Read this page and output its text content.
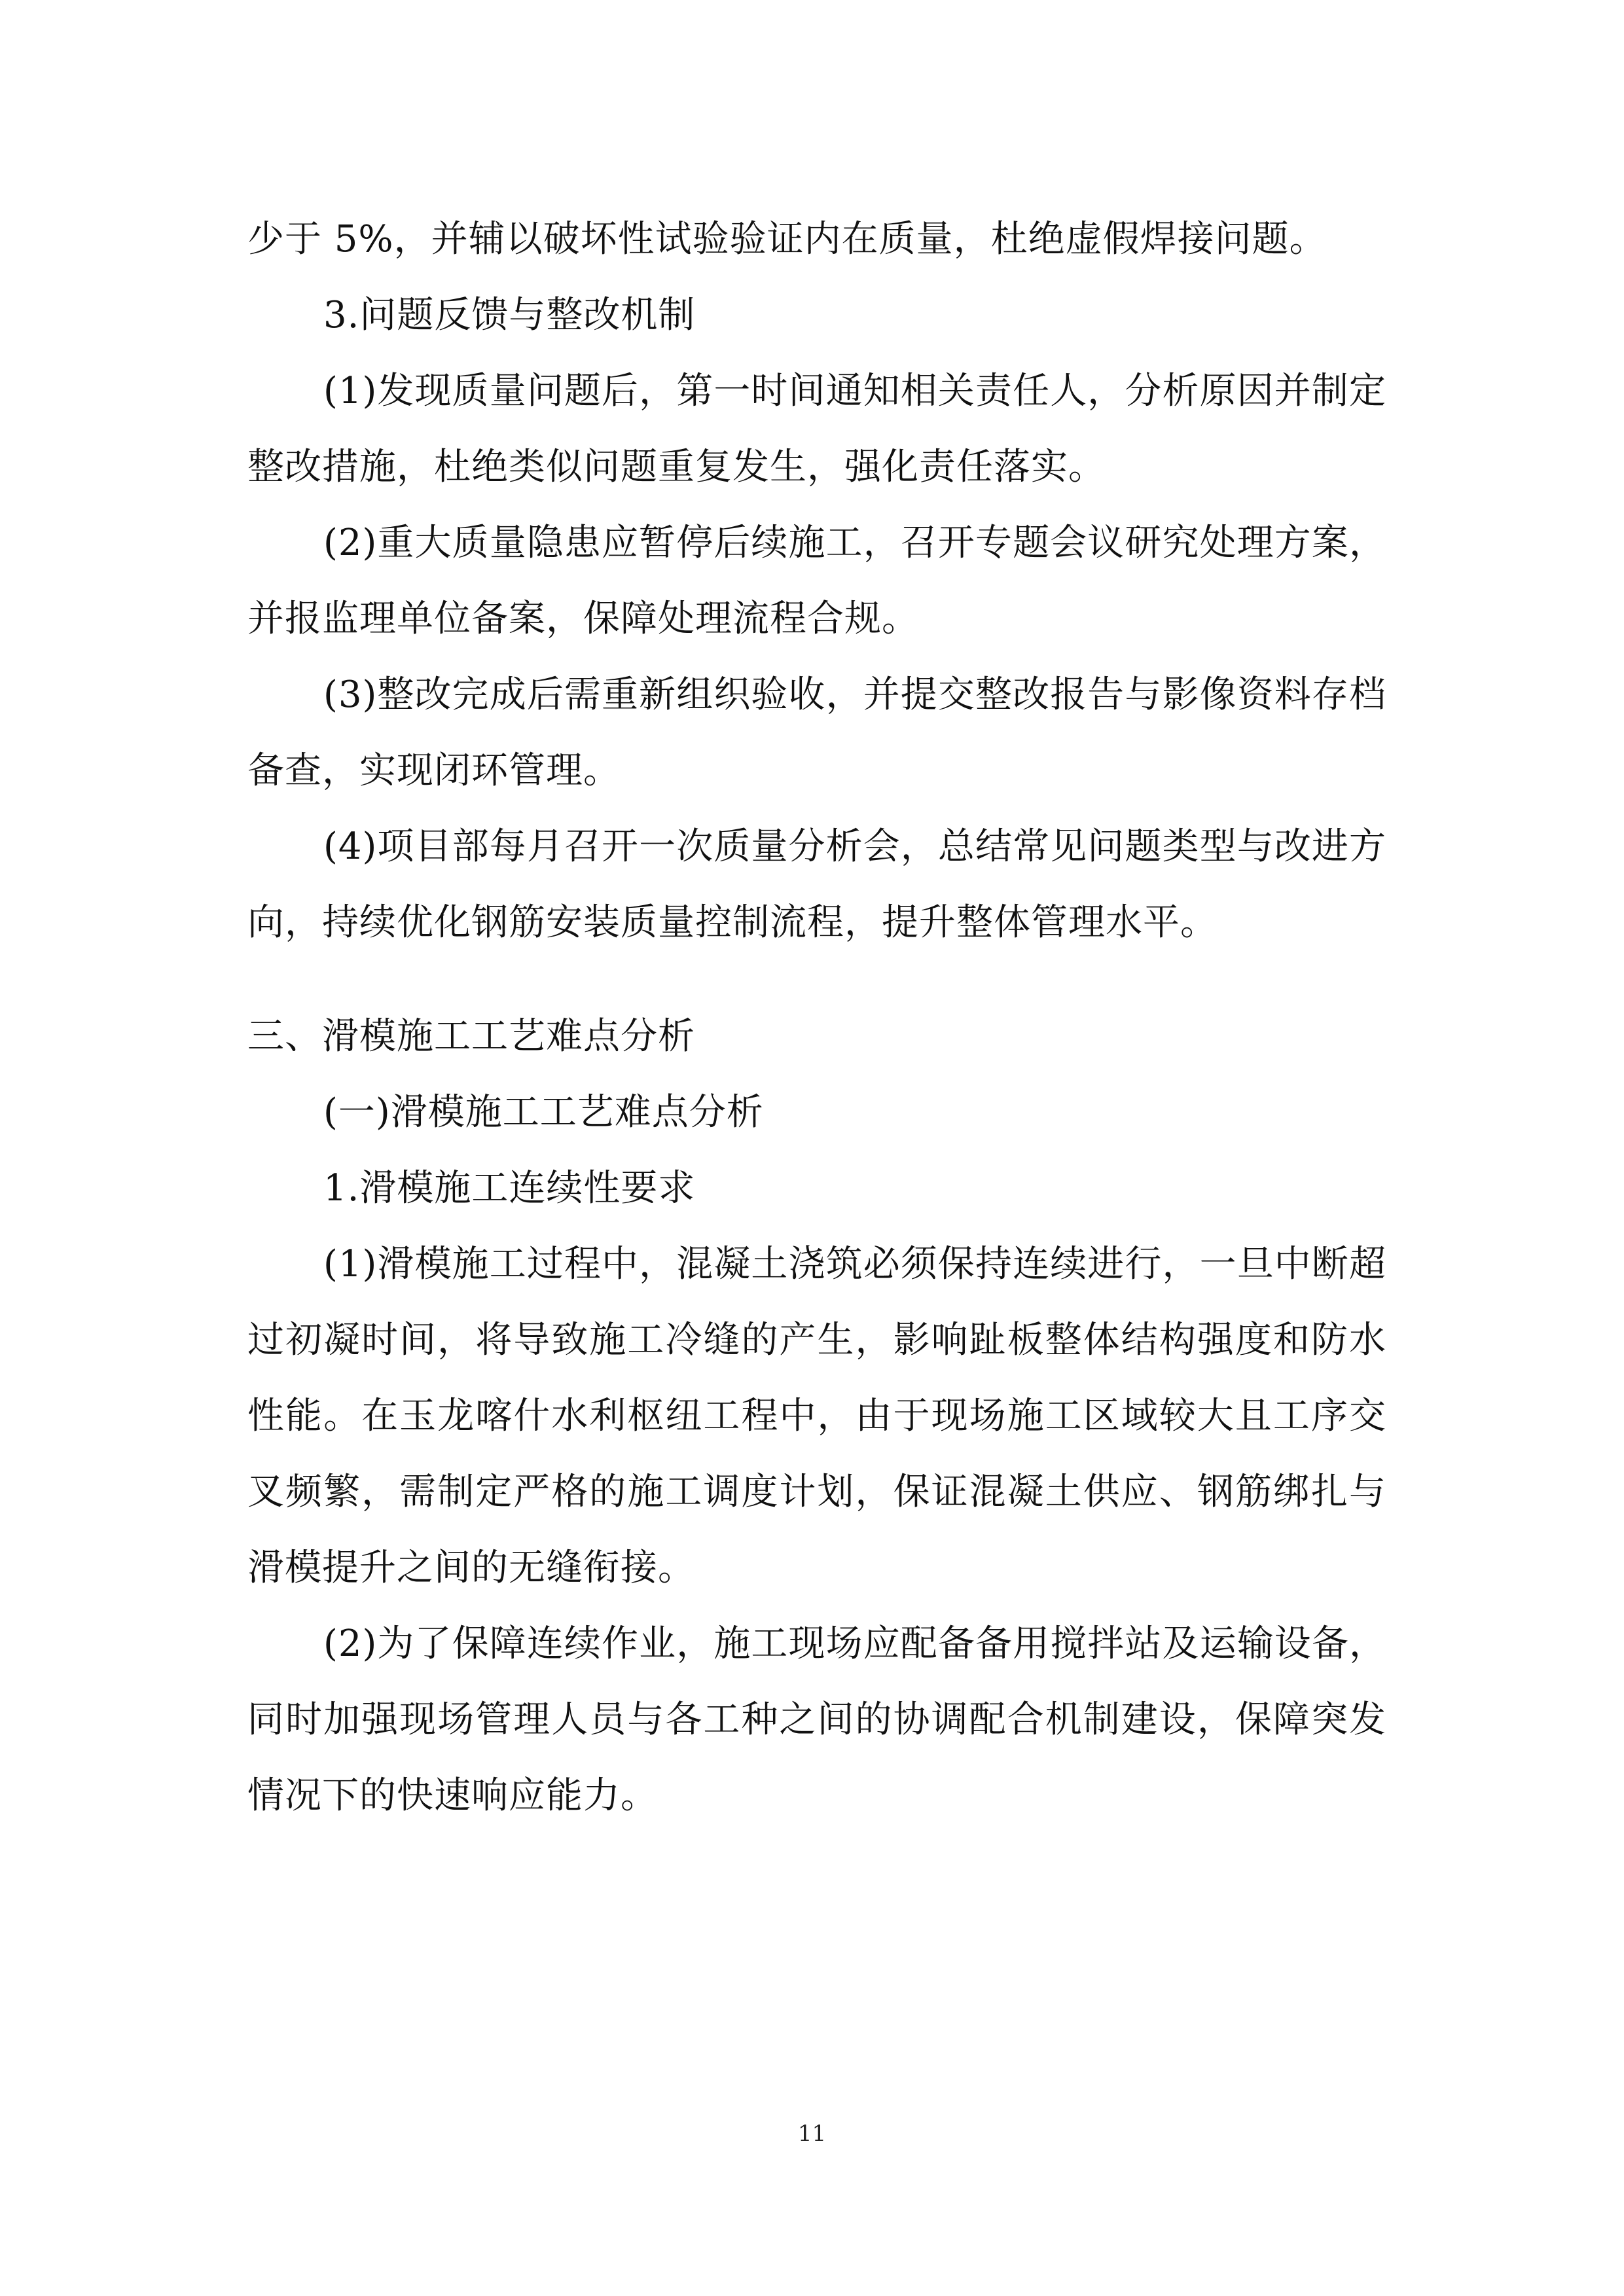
少于 5%，并辅以破坏性试验验证内在质量，杜绝虚假焊接问题。

3.问题反馈与整改机制

(1)发现质量问题后，第一时间通知相关责任人，分析原因并制定整改措施，杜绝类似问题重复发生，强化责任落实。

(2)重大质量隐患应暂停后续施工，召开专题会议研究处理方案，并报监理单位备案，保障处理流程合规。

(3)整改完成后需重新组织验收，并提交整改报告与影像资料存档备查，实现闭环管理。

(4)项目部每月召开一次质量分析会，总结常见问题类型与改进方向，持续优化钢筋安装质量控制流程，提升整体管理水平。

三、滑模施工工艺难点分析

(一)滑模施工工艺难点分析

1.滑模施工连续性要求

(1)滑模施工过程中，混凝土浇筑必须保持连续进行，一旦中断超过初凝时间，将导致施工冷缝的产生，影响趾板整体结构强度和防水性能。在玉龙喀什水利枢纽工程中，由于现场施工区域较大且工序交叉频繁，需制定严格的施工调度计划，保证混凝土供应、钢筋绑扎与滑模提升之间的无缝衔接。

(2)为了保障连续作业，施工现场应配备备用搅拌站及运输设备，同时加强现场管理人员与各工种之间的协调配合机制建设，保障突发情况下的快速响应能力。

11
